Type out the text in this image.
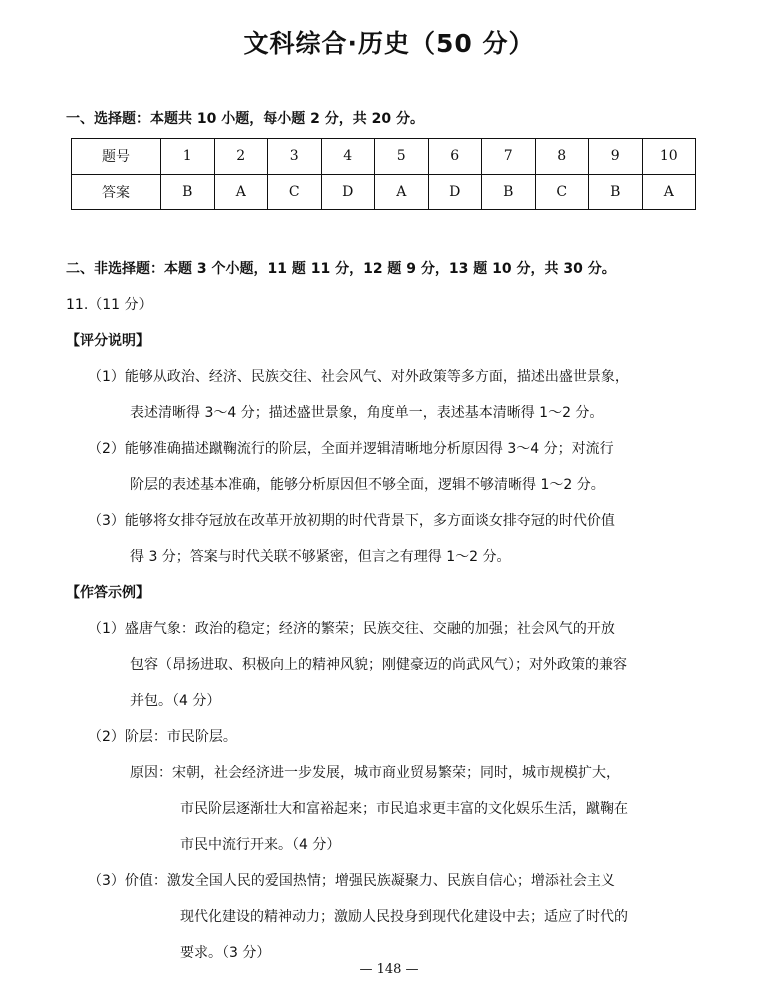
文科综合·历史（50 分）
一、选择题：本题共 10 小题，每小题 2 分，共 20 分。
题号	1	2	3	4	5	6	7	8	9	10
答案	B	A	C	D	A	D	B	C	B	A
二、非选择题：本题 3 个小题，11 题 11 分，12 题 9 分，13 题 10 分，共 30 分。
11.（11 分）
【评分说明】
（1）能够从政治、经济、民族交往、社会风气、对外政策等多方面，描述出盛世景象，
表述清晰得 3～4 分；描述盛世景象，角度单一，表述基本清晰得 1～2 分。
（2）能够准确描述蹴鞠流行的阶层，全面并逻辑清晰地分析原因得 3～4 分；对流行
阶层的表述基本准确，能够分析原因但不够全面，逻辑不够清晰得 1～2 分。
（3）能够将女排夺冠放在改革开放初期的时代背景下，多方面谈女排夺冠的时代价值
得 3 分；答案与时代关联不够紧密，但言之有理得 1～2 分。
【作答示例】
（1）盛唐气象：政治的稳定；经济的繁荣；民族交往、交融的加强；社会风气的开放
包容（昂扬进取、积极向上的精神风貌；刚健豪迈的尚武风气）；对外政策的兼容
并包。（4 分）
（2）阶层：市民阶层。
原因：宋朝，社会经济进一步发展，城市商业贸易繁荣；同时，城市规模扩大，
市民阶层逐渐壮大和富裕起来；市民追求更丰富的文化娱乐生活，蹴鞠在
市民中流行开来。（4 分）
（3）价值：激发全国人民的爱国热情；增强民族凝聚力、民族自信心；增添社会主义
现代化建设的精神动力；激励人民投身到现代化建设中去；适应了时代的
要求。（3 分）
— 148 —
